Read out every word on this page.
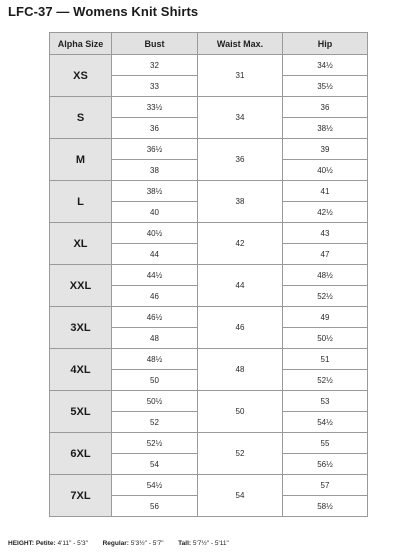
LFC-37 — Womens Knit Shirts
Alpha Size	Bust	Waist Max.	Hip
XS	32	31	34½
	33		35½
S	33½	34	36
	36		38½
M	36½	36	39
	38		40½
L	38½	38	41
	40		42½
XL	40½	42	43
	44		47
XXL	44½	44	48½
	46		52½
3XL	46½	46	49
	48		50½
4XL	48½	48	51
	50		52½
5XL	50½	50	53
	52		54½
6XL	52½	52	55
	54		56½
7XL	54½	54	57
	56		58½
HEIGHT: Petite: 4'11" - 5'3" Regular: 5'3½" - 5'7" Tall: 5'7½" - 5'11"
